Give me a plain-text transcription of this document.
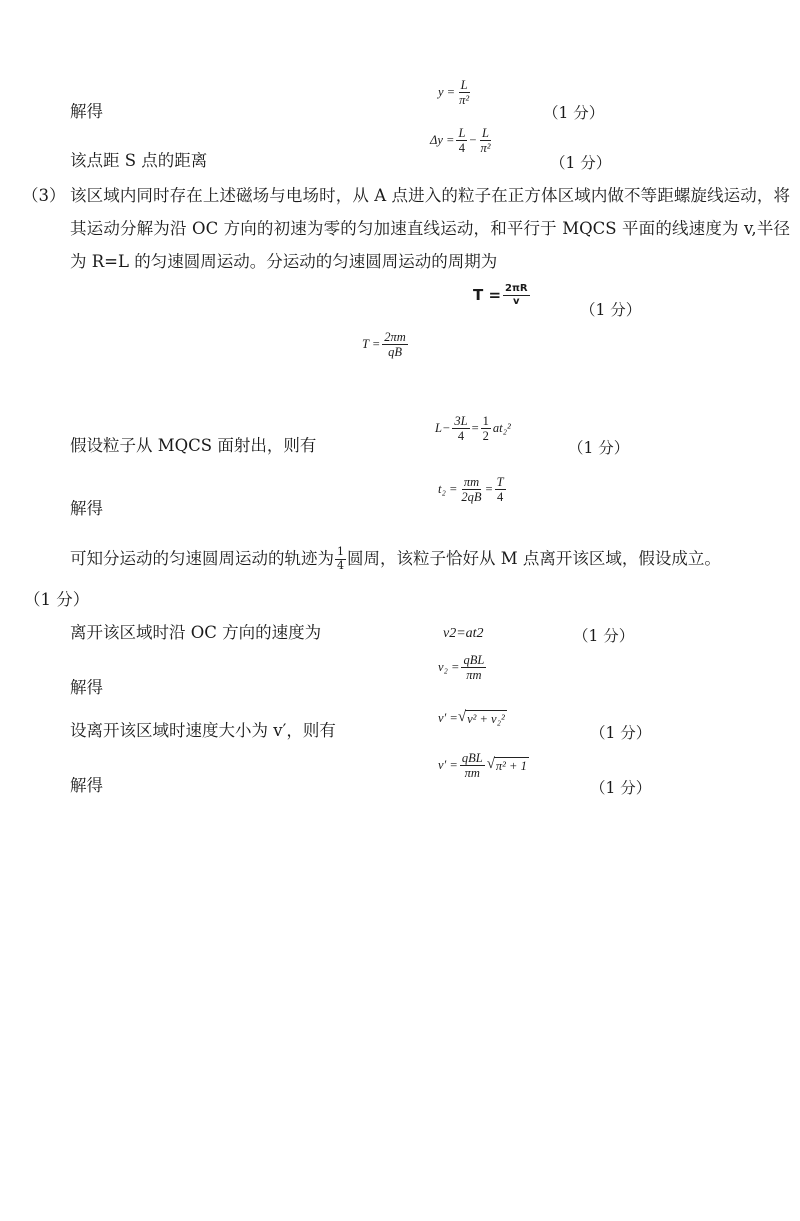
解得
$y = \frac{L}{\text{π²}}$
（1 分）
该点距 S 点的距离
$\Delta y = \frac{L}{4} - \frac{L}{\text{π²}}$
（1 分）
（3） 该区域内同时存在上述磁场与电场时，从 A 点进入的粒子在正方体区域内做不等距螺旋线运动，将其运动分解为沿 OC 方向的初速为零的匀加速直线运动，和平行于 MQCS 平面的线速度为 v,半径为 R=L 的匀速圆周运动。分运动的匀速圆周运动的周期为
$T = \frac{2\pi R}{v}$
（1 分）
$T = \frac{2\pi m}{qB}$
假设粒子从 MQCS 面射出，则有
$L- \frac{3L}{4} = \frac{1}{2} at_2^2$
（1 分）
解得
$t_2 = \frac{\pi m}{2qB} = \frac{T}{4}$
可知分运动的匀速圆周运动的轨迹为 $\frac{1}{4}$ 圆周，该粒子恰好从 M 点离开该区域，假设成立。
（1 分）
离开该区域时沿 OC 方向的速度为	v2=at2	（1 分）
解得
$v_2 = \frac{\text{qBL}}{\pi m}$
设离开该区域时速度大小为 v′，则有
v′ = √ v² + v₂²
（1 分）
解得
$v' = \frac{\text{qBL}}{\pi m}$ √ π² + 1
（1 分）
